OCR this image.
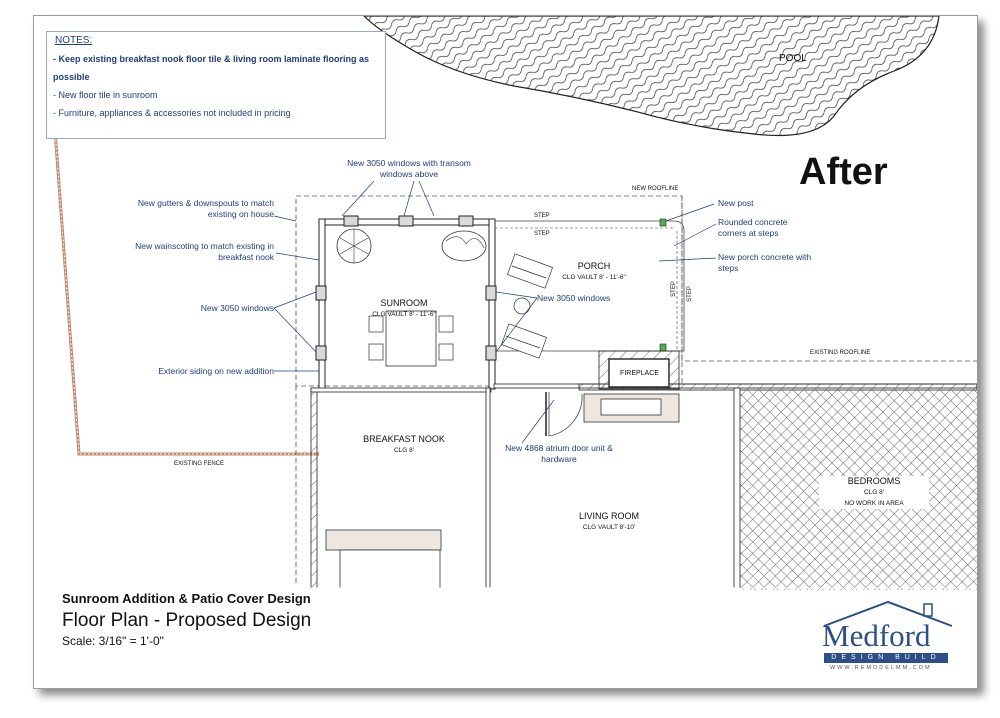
NOTES:
- Keep existing breakfast nook floor tile & living room laminate flooring as possible
- New floor tile in sunroom
- Furniture, appliances & accessories not included in pricing
After
POOL
NEW ROOFLINE
EXISTING ROOFLINE
EXISTING FENCE
STEP
STEP
STEP STEP
New 3050 windows with transom windows above
New gutters & downspouts to match existing on house
New wainscoting to match existing in breakfast nook
New 3050 windows
Exterior siding on new addition
New 3050 windows
New post
Rounded concrete corners at steps
New porch concrete with steps
New 4868 atrium door unit & hardware
SUNROOM
CLG VAULT 8' - 11'-6"
PORCH
CLG VAULT 8' - 11'-6"
BREAKFAST NOOK
CLG 8'
LIVING ROOM
CLG VAULT 8'-10'
BEDROOMS
CLG 8'
NO WORK IN AREA
FIREPLACE
Sunroom Addition & Patio Cover Design
Floor Plan - Proposed Design
Scale: 3/16" = 1'-0"	Medford
DESIGN BUILD
WWW.REMODELMM.COM
